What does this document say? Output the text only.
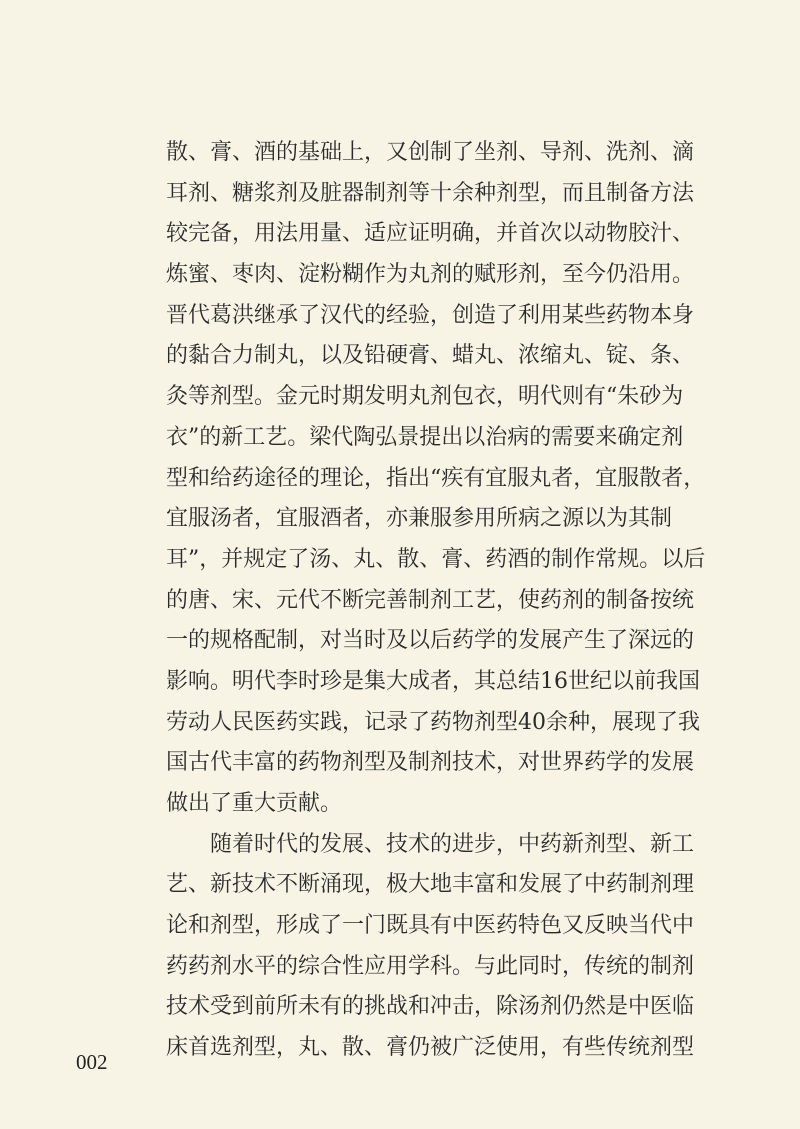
散、膏、酒的基础上，又创制了坐剂、导剂、洗剂、滴
耳剂、糖浆剂及脏器制剂等十余种剂型，而且制备方法
较完备，用法用量、适应证明确，并首次以动物胶汁、
炼蜜、枣肉、淀粉糊作为丸剂的赋形剂，至今仍沿用。
晋代葛洪继承了汉代的经验，创造了利用某些药物本身
的黏合力制丸，以及铅硬膏、蜡丸、浓缩丸、锭、条、
灸等剂型。金元时期发明丸剂包衣，明代则有“朱砂为
衣”的新工艺。梁代陶弘景提出以治病的需要来确定剂
型和给药途径的理论，指出“疾有宜服丸者，宜服散者，
宜服汤者，宜服酒者，亦兼服参用所病之源以为其制
耳”，并规定了汤、丸、散、膏、药酒的制作常规。以后
的唐、宋、元代不断完善制剂工艺，使药剂的制备按统
一的规格配制，对当时及以后药学的发展产生了深远的
影响。明代李时珍是集大成者，其总结16世纪以前我国
劳动人民医药实践，记录了药物剂型40余种，展现了我
国古代丰富的药物剂型及制剂技术，对世界药学的发展
做出了重大贡献。
随着时代的发展、技术的进步，中药新剂型、新工
艺、新技术不断涌现，极大地丰富和发展了中药制剂理
论和剂型，形成了一门既具有中医药特色又反映当代中
药药剂水平的综合性应用学科。与此同时，传统的制剂
技术受到前所未有的挑战和冲击，除汤剂仍然是中医临
床首选剂型，丸、散、膏仍被广泛使用，有些传统剂型
002
